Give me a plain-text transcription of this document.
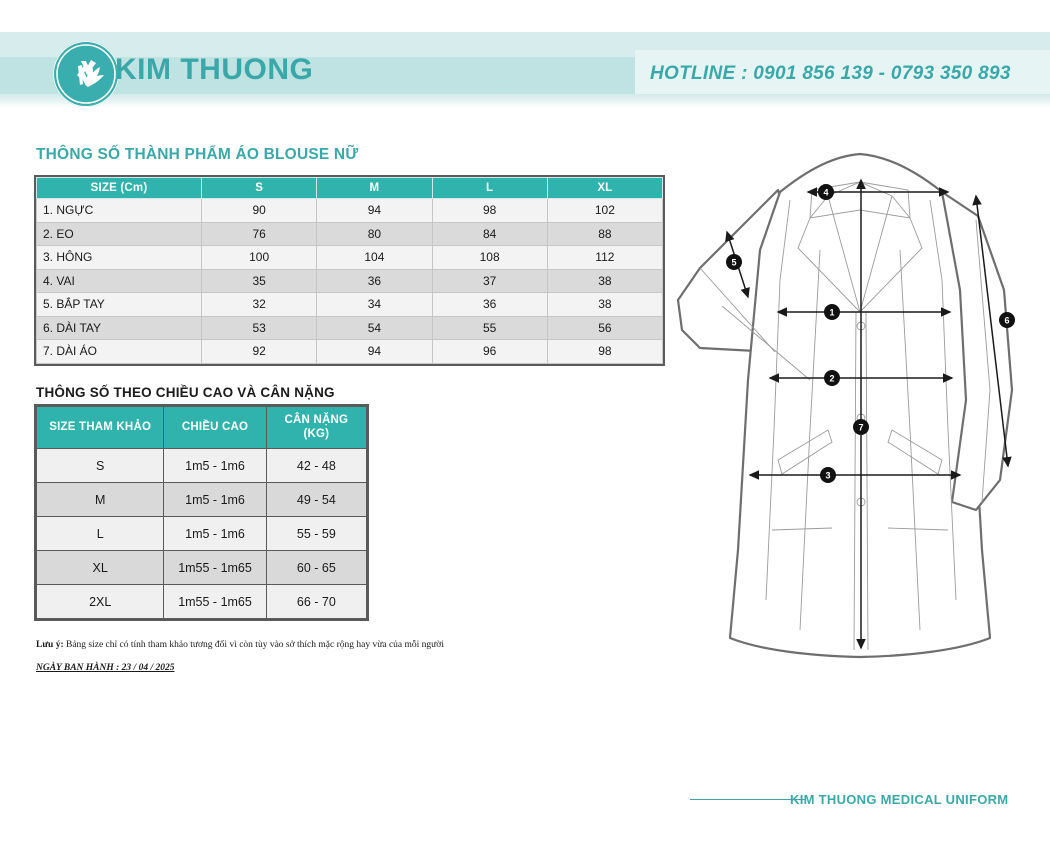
KIM THUONG	HOTLINE : 0901 856 139 - 0793 350 893
THÔNG SỐ THÀNH PHẨM ÁO BLOUSE NỮ
SIZE (Cm)	S	M	L	XL
1. NGỰC	90	94	98	102
2. EO	76	80	84	88
3. HÔNG	100	104	108	112
4. VAI	35	36	37	38
5. BẮP TAY	32	34	36	38
6. DÀI TAY	53	54	55	56
7. DÀI ÁO	92	94	96	98
THÔNG SỐ THEO CHIỀU CAO VÀ CÂN NẶNG
SIZE THAM KHẢO	CHIỀU CAO	CÂN NẶNG
(KG)
S	1m5 - 1m6	42 - 48
M	1m5 - 1m6	49 - 54
L	1m5 - 1m6	55 - 59
XL	1m55 - 1m65	60 - 65
2XL	1m55 - 1m65	66 - 70
Lưu ý: Bảng size chỉ có tính tham khảo tương đối vì còn tùy vào sở thích mặc rộng hay vừa của mỗi người
NGÀY BAN HÀNH : 23 / 04 / 2025
1
2
3
4
5
6
7
KIM THUONG MEDICAL UNIFORM
